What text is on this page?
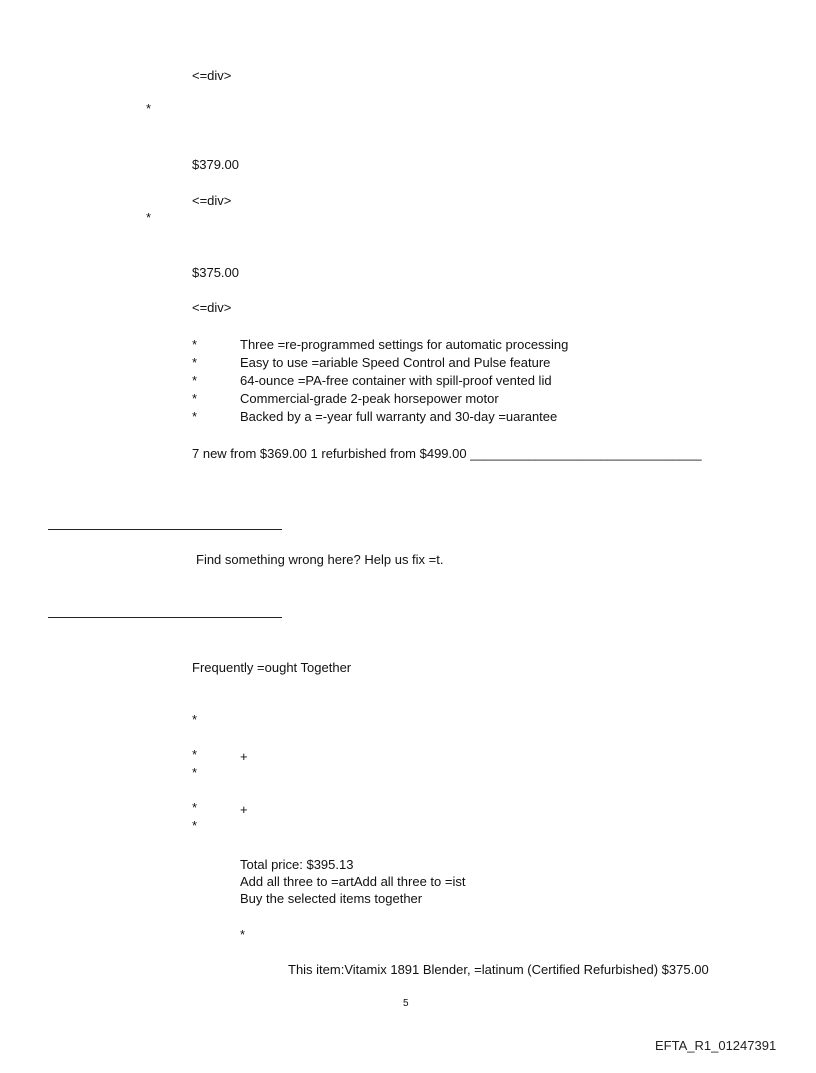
<=div>
*
$379.00
<=div>
*
$375.00
<=div>
*	Three =re-programmed settings for automatic processing
*	Easy to use =ariable Speed Control and Pulse feature
*	64-ounce =PA-free container with spill-proof vented lid
*	Commercial-grade 2-peak horsepower motor
*	Backed by a =-year full warranty and 30-day =uarantee
7 new from $369.00 1 refurbished from $499.00 ________________________________
Find something wrong here? Help us fix =t.
Frequently =ought Together
*
*	+
*
*	+
*
Total price: $395.13
Add all three to =artAdd all three to =ist
Buy the selected items together
*
This item:Vitamix 1891 Blender, =latinum (Certified Refurbished) $375.00
5
EFTA_R1_01247391
